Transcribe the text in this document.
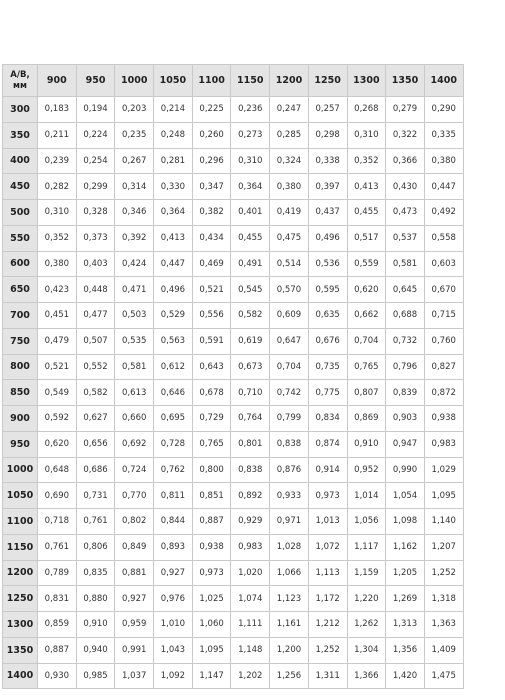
A/B,
мм	900	950	1000	1050	1100	1150	1200	1250	1300	1350	1400
300	0,183	0,194	0,203	0,214	0,225	0,236	0,247	0,257	0,268	0,279	0,290
350	0,211	0,224	0,235	0,248	0,260	0,273	0,285	0,298	0,310	0,322	0,335
400	0,239	0,254	0,267	0,281	0,296	0,310	0,324	0,338	0,352	0,366	0,380
450	0,282	0,299	0,314	0,330	0,347	0,364	0,380	0,397	0,413	0,430	0,447
500	0,310	0,328	0,346	0,364	0,382	0,401	0,419	0,437	0,455	0,473	0,492
550	0,352	0,373	0,392	0,413	0,434	0,455	0,475	0,496	0,517	0,537	0,558
600	0,380	0,403	0,424	0,447	0,469	0,491	0,514	0,536	0,559	0,581	0,603
650	0,423	0,448	0,471	0,496	0,521	0,545	0,570	0,595	0,620	0,645	0,670
700	0,451	0,477	0,503	0,529	0,556	0,582	0,609	0,635	0,662	0,688	0,715
750	0,479	0,507	0,535	0,563	0,591	0,619	0,647	0,676	0,704	0,732	0,760
800	0,521	0,552	0,581	0,612	0,643	0,673	0,704	0,735	0,765	0,796	0,827
850	0,549	0,582	0,613	0,646	0,678	0,710	0,742	0,775	0,807	0,839	0,872
900	0,592	0,627	0,660	0,695	0,729	0,764	0,799	0,834	0,869	0,903	0,938
950	0,620	0,656	0,692	0,728	0,765	0,801	0,838	0,874	0,910	0,947	0,983
1000	0,648	0,686	0,724	0,762	0,800	0,838	0,876	0,914	0,952	0,990	1,029
1050	0,690	0,731	0,770	0,811	0,851	0,892	0,933	0,973	1,014	1,054	1,095
1100	0,718	0,761	0,802	0,844	0,887	0,929	0,971	1,013	1,056	1,098	1,140
1150	0,761	0,806	0,849	0,893	0,938	0,983	1,028	1,072	1,117	1,162	1,207
1200	0,789	0,835	0,881	0,927	0,973	1,020	1,066	1,113	1,159	1,205	1,252
1250	0,831	0,880	0,927	0,976	1,025	1,074	1,123	1,172	1,220	1,269	1,318
1300	0,859	0,910	0,959	1,010	1,060	1,111	1,161	1,212	1,262	1,313	1,363
1350	0,887	0,940	0,991	1,043	1,095	1,148	1,200	1,252	1,304	1,356	1,409
1400	0,930	0,985	1,037	1,092	1,147	1,202	1,256	1,311	1,366	1,420	1,475
